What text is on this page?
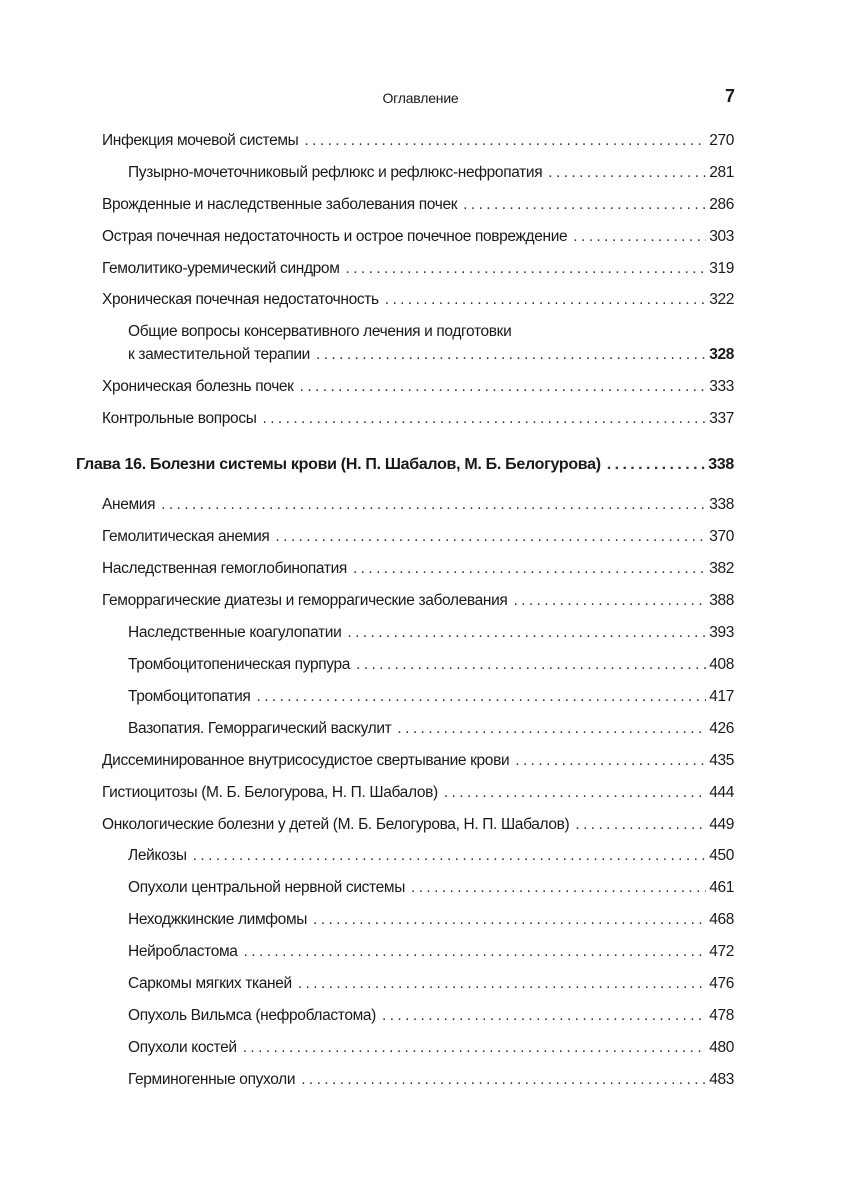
Оглавление	7
Инфекция мочевой системы .....	270
Пузырно-мочеточниковый рефлюкс и рефлюкс-нефропатия .....	281
Врожденные и наследственные заболевания почек .....	286
Острая почечная недостаточность и острое почечное повреждение .....	303
Гемолитико-уремический синдром .....	319
Хроническая почечная недостаточность .....	322
Общие вопросы консервативного лечения и подготовки
к заместительной терапии .....	328
Хроническая болезнь почек .....	333
Контрольные вопросы .....	337
Глава 16. Болезни системы крови (Н. П. Шабалов, М. Б. Белогурова) .....	338
Анемия .....	338
Гемолитическая анемия .....	370
Наследственная гемоглобинопатия .....	382
Геморрагические диатезы и геморрагические заболевания .....	388
Наследственные коагулопатии .....	393
Тромбоцитопеническая пурпура .....	408
Тромбоцитопатия .....	417
Вазопатия. Геморрагический васкулит .....	426
Диссеминированное внутрисосудистое свертывание крови .....	435
Гистиоцитозы (М. Б. Белогурова, Н. П. Шабалов) .....	444
Онкологические болезни у детей (М. Б. Белогурова, Н. П. Шабалов) .....	449
Лейкозы .....	450
Опухоли центральной нервной системы .....	461
Неходжкинские лимфомы .....	468
Нейробластома .....	472
Саркомы мягких тканей .....	476
Опухоль Вильмса (нефробластома) .....	478
Опухоли костей .....	480
Герминогенные опухоли .....	483
